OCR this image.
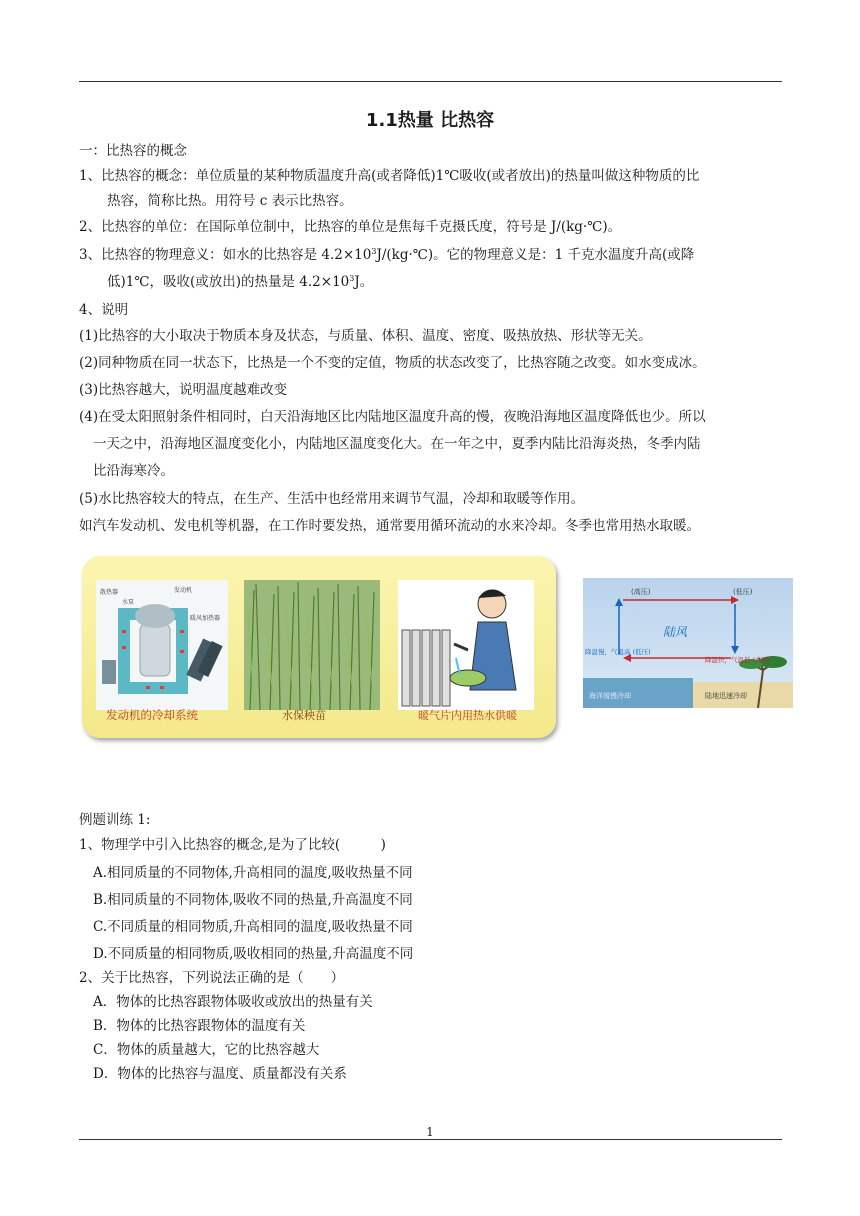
1.1热量 比热容
一：比热容的概念
1、比热容的概念：单位质量的某种物质温度升高(或者降低)1℃吸收(或者放出)的热量叫做这种物质的比
热容，简称比热。用符号 c 表示比热容。
2、比热容的单位：在国际单位制中，比热容的单位是焦每千克摄氏度，符号是 J/(kg·℃)。
3、比热容的物理意义：如水的比热容是 $4.2\times 10^3J/(kg\cdot℃)$。它的物理意义是：1 千克水温度升高(或降
低)1℃，吸收(或放出)的热量是 $4.2\times 10^3J$。
4、说明
(1)比热容的大小取决于物质本身及状态，与质量、体积、温度、密度、吸热放热、形状等无关。
(2)同种物质在同一状态下，比热是一个不变的定值，物质的状态改变了，比热容随之改变。如水变成冰。
(3)比热容越大，说明温度越难改变
(4)在受太阳照射条件相同时，白天沿海地区比内陆地区温度升高的慢，夜晚沿海地区温度降低也少。所以
一天之中，沿海地区温度变化小，内陆地区温度变化大。在一年之中，夏季内陆比沿海炎热，冬季内陆
比沿海寒冷。
(5)水比热容较大的特点，在生产、生活中也经常用来调节气温，冷却和取暖等作用。
如汽车发动机、发电机等机器，在工作时要发热，通常要用循环流动的水来冷却。冬季也常用热水取暖。
散热器
水泵
发动机
暖风加热器
发动机的冷却系统	水保秧苗	暖气片内用热水供暖
(高压)	(低压)
陆风
降温慢，气温高 (低压)
降温快，气温低 (高压)
海洋缓慢冷却	陆地迅速冷却
例题训练 1:
1、物理学中引入比热容的概念,是为了比较(　　　)
A.相同质量的不同物体,升高相同的温度,吸收热量不同
B.相同质量的不同物体,吸收不同的热量,升高温度不同
C.不同质量的相同物质,升高相同的温度,吸收热量不同
D.不同质量的相同物质,吸收相同的热量,升高温度不同
2、关于比热容，下列说法正确的是（　　）
A．物体的比热容跟物体吸收或放出的热量有关
B．物体的比热容跟物体的温度有关
C．物体的质量越大，它的比热容越大
D．物体的比热容与温度、质量都没有关系
1
